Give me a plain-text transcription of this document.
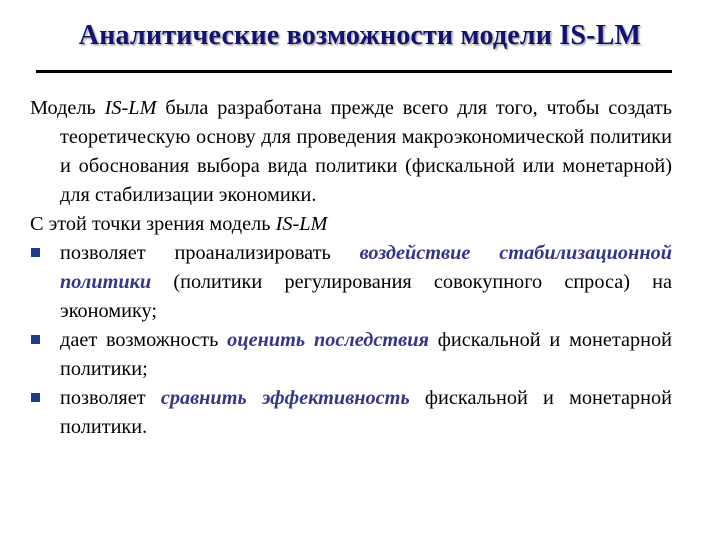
Аналитические возможности модели IS-LM

Модель IS-LM была разработана прежде всего для того, чтобы создать теоретическую основу для проведения макроэкономической политики и обоснования выбора вида политики (фискальной или монетарной) для стабилизации экономики.

С этой точки зрения модель IS-LM

позволяет проанализировать воздействие стабилизационной политики (политики регулирования совокупного спроса) на экономику;

дает возможность оценить последствия фискальной и монетарной политики;

позволяет сравнить эффективность фискальной и монетарной политики.
